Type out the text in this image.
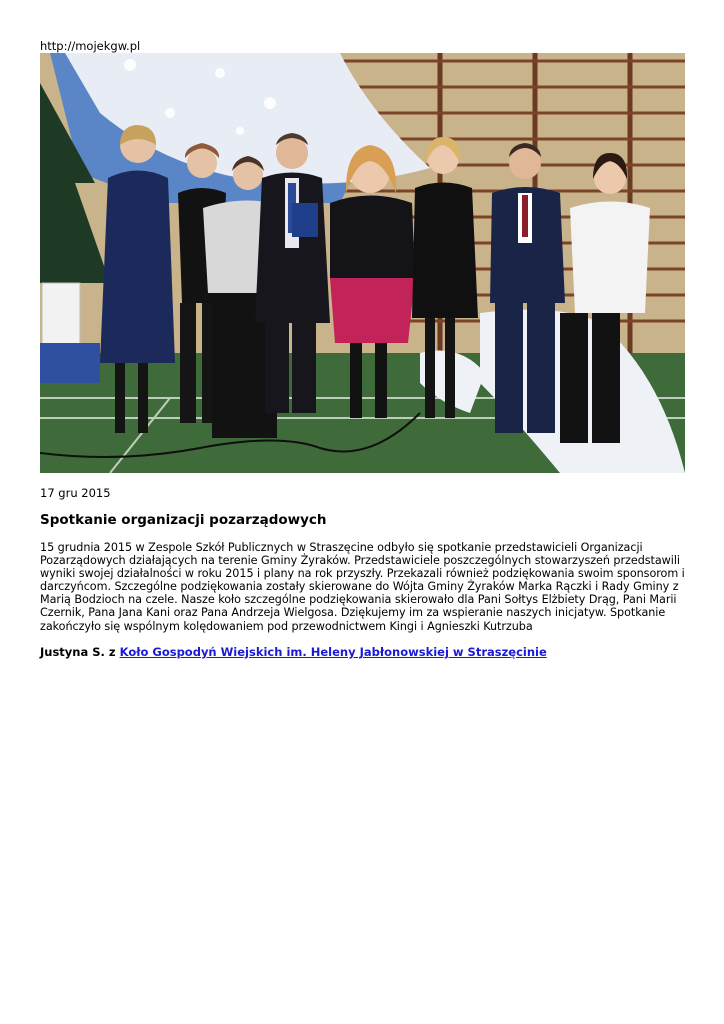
http://mojekgw.pl
17 gru 2015
Spotkanie organizacji pozarządowych

15 grudnia 2015 w Zespole Szkół Publicznych w Straszęcine odbyło się spotkanie przedstawicieli Organizacji Pozarządowych działających na terenie Gminy Żyraków. Przedstawiciele poszczególnych stowarzyszeń przedstawili wyniki swojej działalności w roku 2015 i plany na rok przyszły. Przekazali również podziękowania swoim sponsorom i darczyńcom. Szczególne podziękowania zostały skierowane do Wójta Gminy Żyraków Marka Rączki i Rady Gminy z Marią Bodzioch na czele. Nasze koło szczególne podziękowania skierowało dla Pani Sołtys Elżbiety Drąg, Pani Marii Czernik, Pana Jana Kani oraz Pana Andrzeja Wielgosa. Dziękujemy im za wspieranie naszych inicjatyw. Spotkanie zakończyło się wspólnym kolędowaniem pod przewodnictwem Kingi i Agnieszki Kutrzuba

Justyna S. z Koło Gospodyń Wiejskich im. Heleny Jabłonowskiej w Straszęcinie
